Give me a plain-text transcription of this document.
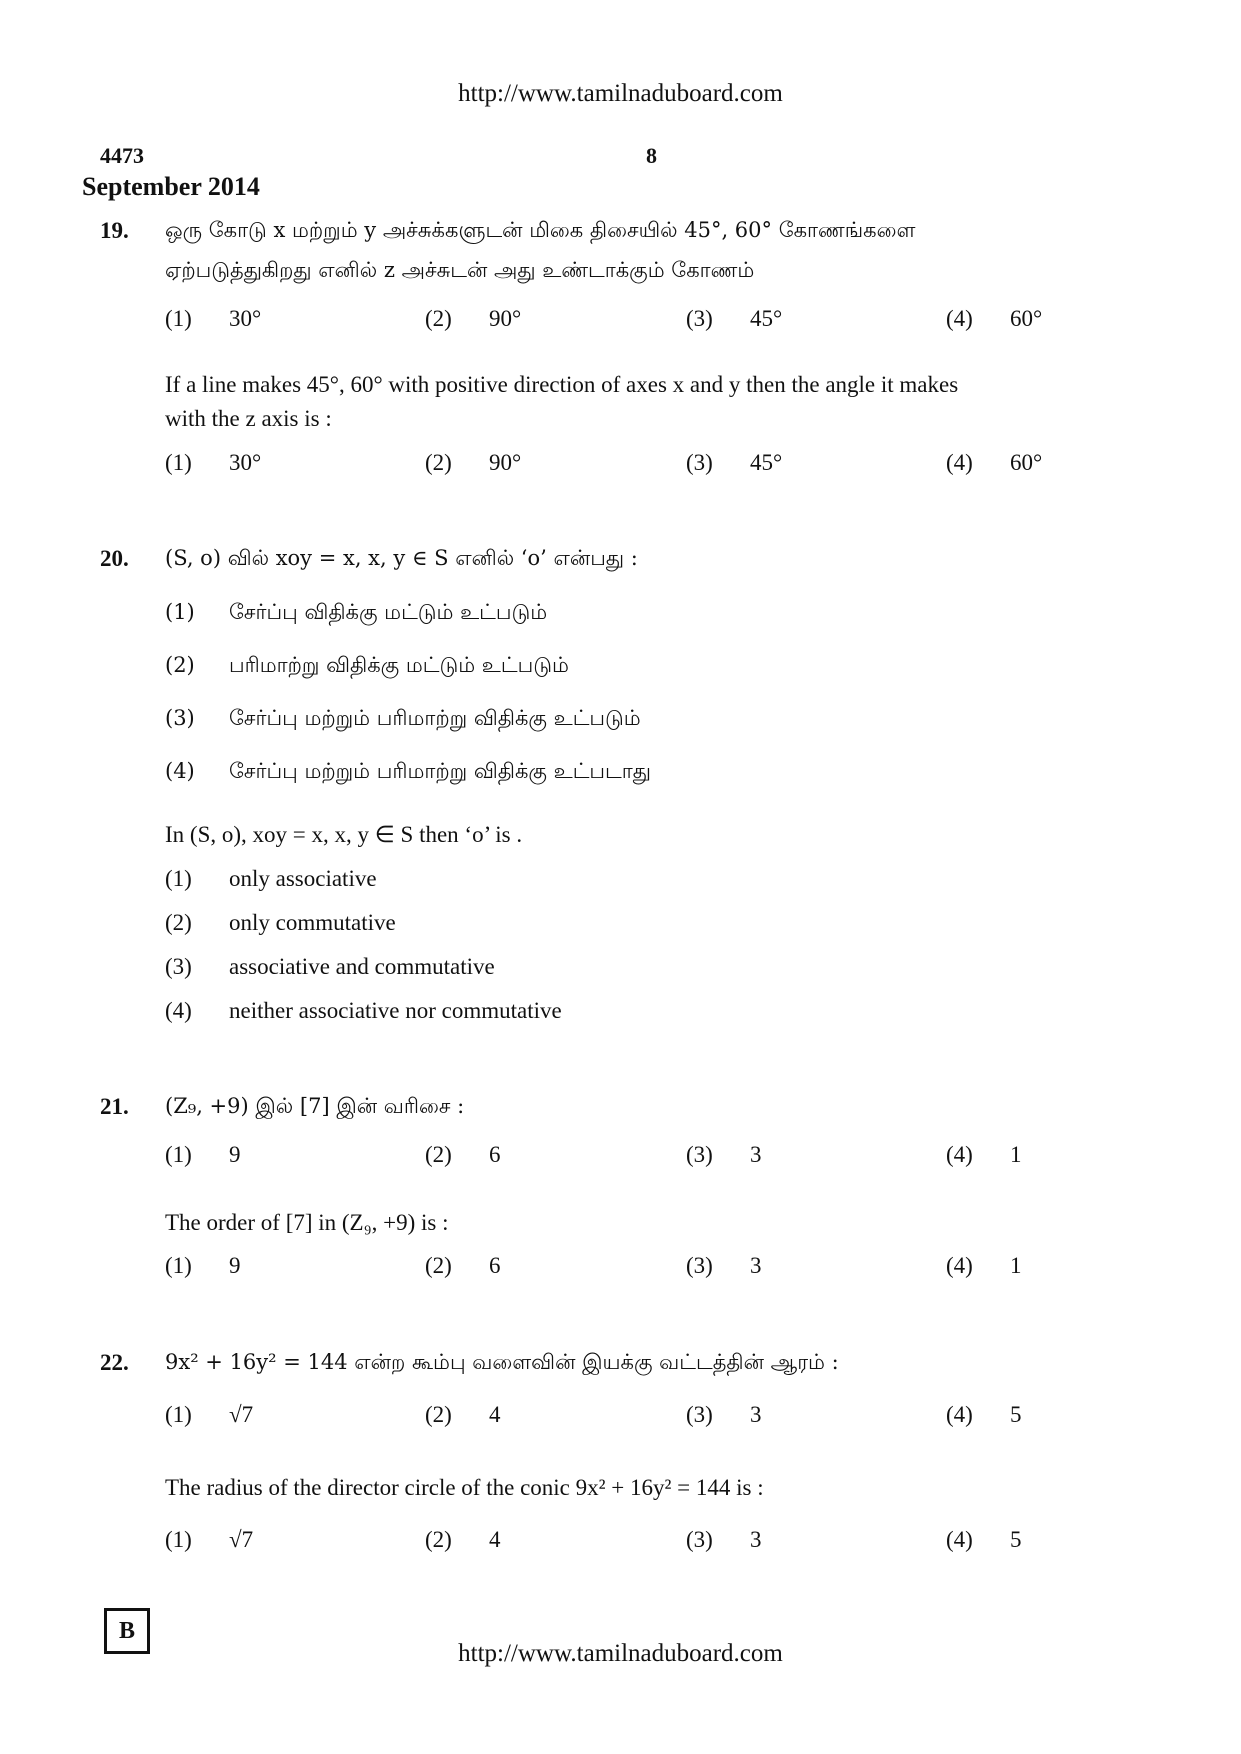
http://www.tamilnaduboard.com
4473	8
September 2014
19. ஒரு கோடு x மற்றும் y அச்சுக்களுடன் மிகை திசையில் 45°, 60° கோணங்களை
ஏற்படுத்துகிறது எனில் z அச்சுடன் அது உண்டாக்கும் கோணம்
(1) 30°	(2) 90°	(3) 45°	(4) 60°
If a line makes 45°, 60° with positive direction of axes x and y then the angle it makes
with the z axis is :
(1) 30°	(2) 90°	(3) 45°	(4) 60°
20. (S, o) வில் xoy = x, x, y ∈ S எனில் ‘o’ என்பது :
(1) சேர்ப்பு விதிக்கு மட்டும் உட்படும்
(2) பரிமாற்று விதிக்கு மட்டும் உட்படும்
(3) சேர்ப்பு மற்றும் பரிமாற்று விதிக்கு உட்படும்
(4) சேர்ப்பு மற்றும் பரிமாற்று விதிக்கு உட்படாது
In (S, o), xoy = x, x, y ∈ S then ‘o’ is .
(1) only associative
(2) only commutative
(3) associative and commutative
(4) neither associative nor commutative
21. (Z₉, +9) இல் [7] இன் வரிசை :
(1) 9	(2) 6	(3) 3	(4) 1
The order of [7] in (Z₉, +9) is :
(1) 9	(2) 6	(3) 3	(4) 1
22. 9x² + 16y² = 144 என்ற கூம்பு வளைவின் இயக்கு வட்டத்தின் ஆரம் :
(1) √7	(2) 4	(3) 3	(4) 5
The radius of the director circle of the conic 9x² + 16y² = 144 is :
(1) √7	(2) 4	(3) 3	(4) 5
B
http://www.tamilnaduboard.com
